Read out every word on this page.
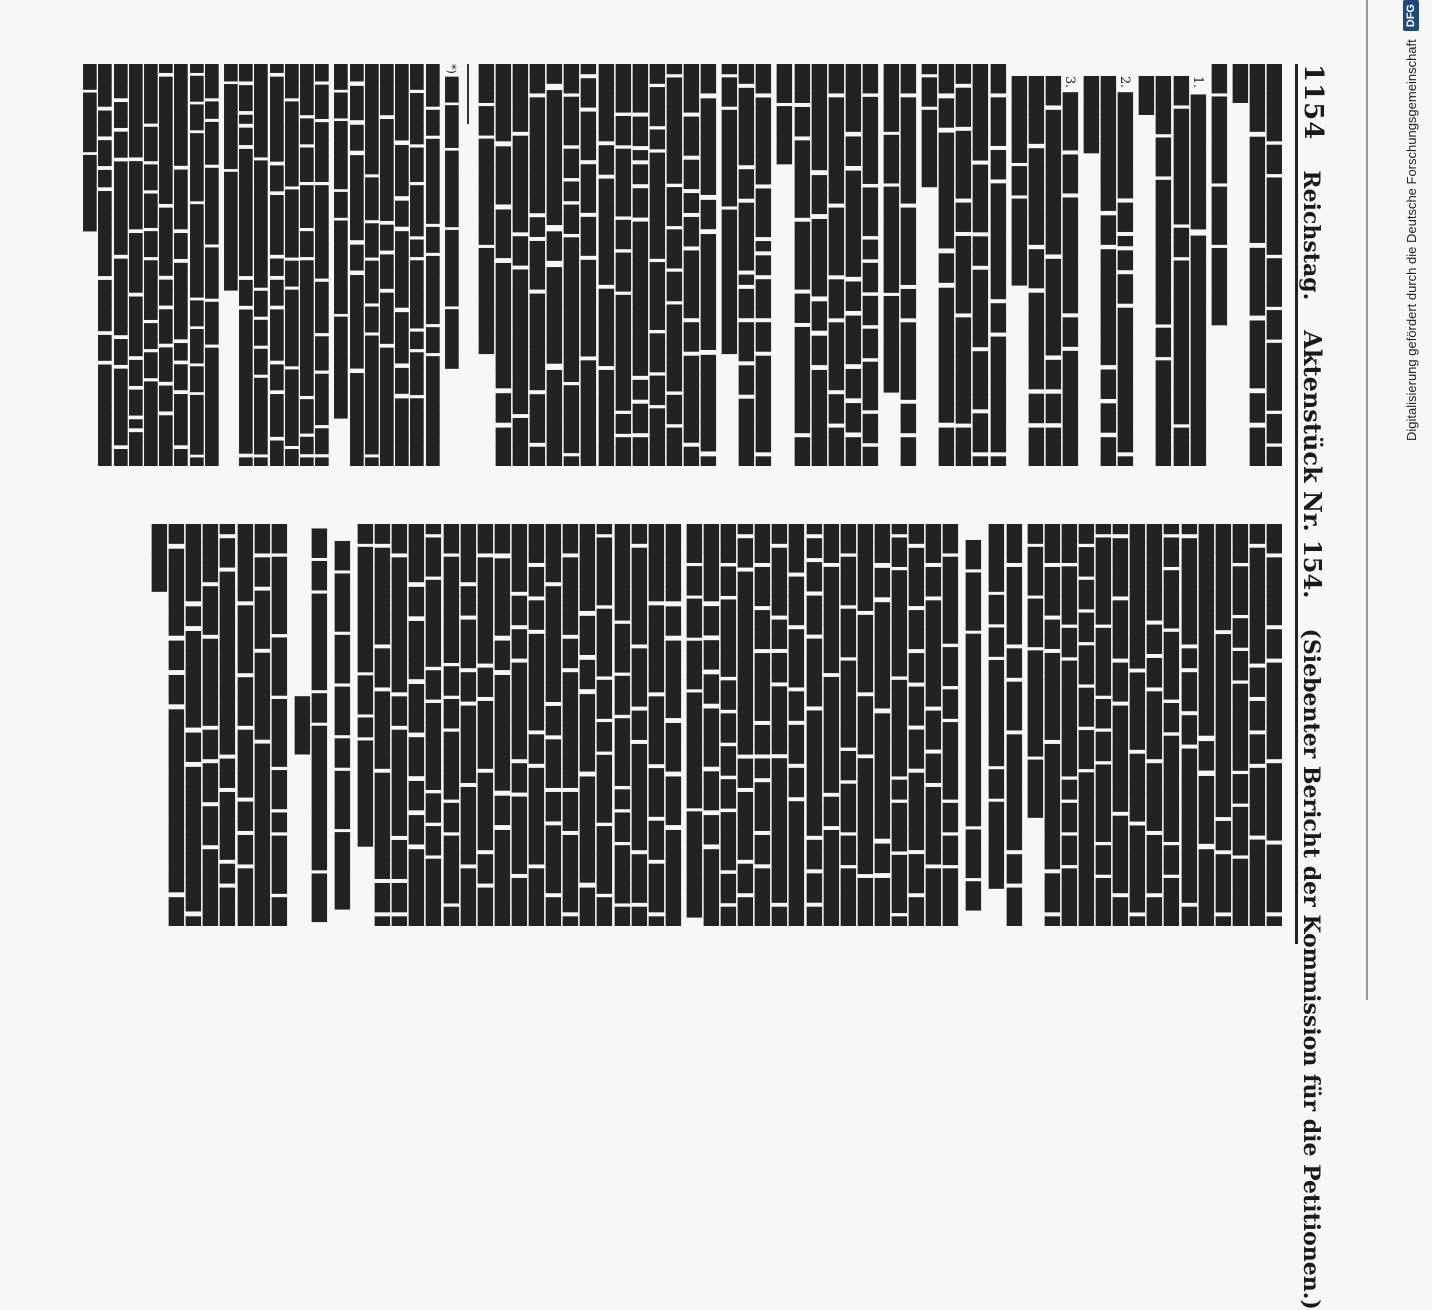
1154
Reichstag.
Aktenstück Nr. 154.
(Siebenter Bericht der Kommission für die Petitionen.)

████████ ███ ████████ █████ ███ ███████ ███ █████████ ███████████ ███████ ███████ ███ ████████

███ █████████ ██████ ████████

1. ██████████████ ███████████████████████████ ████████████ ███ █████████████████ ██████████ ████ ███████████████ ███ ███████████████

2. ███████████ ███ █ ██ ███ ███████████████ ███████████████ ███ ████████████ ███ ███ ███████████

3. ██████ ████ ████████████ ███ ████████████ ███ ███████████████ ██████████ ███ ███ ███████████ ██████████ ████ ██████████ ███ █████████████ ███ █████████

███ █████ ███ ████████████ ███ ████████████ ███████████ ███████ ███ ████████ ██████ ████ ███ ████ ███████ ███ ████████ ███████████ ███████ ███ ████████████ ███ ██████████████ █████ ███ ████████

███ ███████████ ████████ ███ ████████ ███ ██████████ █████ ███████████ ██████████

███ █████████ █████ ██ ███ ███ ███ █████ ███ █████████ ███ ███████████ ███ █████ ███ ███ ███ ███ ███████████ ███████ ████ ███████ ███ ███████████████ ████ ████████ ███ ███ ██████████████ ███ ████████ ███████ ███ ███████████ ███████ ██████

███ █████████ █████ █ ██ ████ ███ ██████████ ███ ████████ ███ ███████ █ ███ ████ ███ ████████ ███ ██████████ ███████████████

███ ██████████ ███ ████████████ ██████████ ██████ ████ ███ ██ ███ ███████ ███ █████████ ███ ███████████ ████ ████ ███ █████████ ███ ██████ ████ ██ ███████████ ███████ ████ ███ ███████████ ███ █ ██ ███ ████████████████ ██ ███ ████████ ███ ███████ ███ ████ ████████████ ██ ███ ████████ ███ ███████████ ████████ ███████████ ███ █████ █████ ████ ██████████ ██████████████ █████ ███ ██ ███ ███████████████ ███████ ███ ██████████████ ███ ██████████ ██████████ ███ ████████████ ██ █████ ██████████ █████ █████████ ██████████ ███ ███████████████ █████ ████████ ██████ █████ █████████████ ███ ████████ ███ ███████████ ███████████

*) ███ █████ █████████ █████████ ███████

█████ ███ ██████████ ███ ████████ ███ █████████████ ███ ██████ ████ ██████ ██ ████████ ██ █████ █████████████████ ██████ ███ █████████ ██████ ███ ████████ ██████ ████████████ ███ ████ ██████ ███████████████████████████ █████ ████ █████ ███ ██████████████ ███ ████ ███ ██████████ ███ ███████████ ███████████ ███ ███ ████████ ███ ███████████ ████████████

██ ████ ███████ ███████████ ██████ ████ ██████ ███ ███████ ███ ████ █████ ███ ████████████████ ████ ██ █████ ██████████ ████████ ███ █████████ █████████ ███ ██████████ ███ ███████ ██ ███ ██████ ███ █████ ███ ███████████ ███████████████ ███ ███ ███ █████████ ███ ███ █ ██ ███████████████ ███ █████████████████ ███ ██████████ ██████████████

████ ██ █████ █████████ ██████ █████ ███████████████ ███ ███ ████████ ███████████ ███ ████ ███ ███████ █████████████ ███████ ███ █████████ ██ ███ ██████ ███ ███████████████ ████████ ███ ████ ████ ███ ██████ ███████ ████ ███ ████ ███ ███████ ███ ███ ██████████ ███████████ ████████ ███████ ███████ ███ ███ █ ████ ████ ███ ███ ███████████ █████████ ███ █████████ ███████ ███ ███ ██ ██████████ ██████ ███ ███████████████ ███████ █████████

███ ███████ ███ ██████████ ████████ ███████ ███ ████████████ ███ ███ ███ ███████ █████████████ █████ ███ ███ █████████ ███ █████ ███████ ███████████ ███████████████████ ███ ██████ ███████████████████████ ███ ███████ █████████ ███████████ ██ ████ ███ ████████████████ ███ ███ ██████ ███████ ███ ███████████ ███ ███████████████ ███ ███ ███████ ███████ ██████ ███ ███████████████ ████████ ███████ █████████ ██ ██████ ██████ ████ ███████████ ████████ ████ █████████ ███████ ███ ███ ████████ ███ ███████ ███ ███ ███ ████ ████ ████ ████████████████████ ██████ ███ ████████████ ██ ███ ███ ██████████ █████ ███ █████████ █████████████ ████ ███ █████ █████ ███████████ ██████

████ ████████ ███ █████ ████████████ ███ ███████████ ███ ███ ███████████ ███ █████████

███ ██████ ████████████████████ █████ ███

███ █████████ ████ ███ ████████ ███ ███ ██████████ ███ ███████████ ████ ███ ████████ ████████ ██████ ████ ███ ████ ████ ████████ ████ ████ ███ ███████████ ██████████ ██ █████ ██████ █████ ███ ███████████ █████████████ ███ ██████████████ ████████ ██████ ████████████ ████████ █████ █████ █████████ ███ █████ ███ ██████████ ███████████ ████████████ ███ ███████████ ██ ███ ████ ███████ █████████████ ███ ███ ███████ █████ ██████ ███ ████ ███ ███████████████ ███████ ███ ███ ███████ ███████████████ ██████ ████ ████ ███████ ███ ██ █████ ███ ███████ ███ ███████████████████ ███ ███████ ███ ███████ ███ ████████ ███ ███ ███ ███ ██████ ███ ██████████ ███ ███ ███ ██████ ████ ███ ████████ ████ ███ ████ █████ ████████████ ███████████

████████ ███ ████████ █████ █████ ██████████████████ █████████ ███████ █████ ████ █████ ███ ██████████ ██████ ███ ███████████ █████ ████████████ █████ ████ ███████ ██ ███ ██████ ███ ███████ ███████ ████ ███ ███████ ███████ ███ █████████ ████ ███ ████████ ███████████ ████ ███ ████████ ███ ████████████ ████ ████████ ███████ ████████████ ███ █████ ███ ███████ ███████ ███ ███ ██████████ ███ ██████████ █████████████ ███ ███ ██████████ ███ ████████ █████ ███ ████████ ███ ████████████ ███ █████████████ ███████████ ███ ███████ ████████ ███ ████ ██████ ███ █████ ███ ████████ ████████ ██████ ███ ███████████ ███ ███ ███████ ███ ███████ ███ ████ █████████ ███ █████████ ███ ███ █████████████ ███ ██████ █████ ████ ███ ███ ████████ ███ ██████████████ ███ ███████████ ████ ███ ███ ██████████ ████ ████████ ███████████ ███ ███ █████████████ ████ ██ ███████████

███ ██████ █████ █████ ███ ██████ ████████

███ ███ ██████████ ███ ███████████████ ███████████

███ ████████ ██████ ███████ ████ ██ ██████ ██████ ███ ██████ █████████ ███████████████████████████ ███████ █████ ███████ ███ ███ ███████ ███ ███████████████████ ███ ███████ ██ ██████████ █████ █████████ ███ ████ ████ ████████ ████████ ██ ██████████ ███ ███████████████ ███ █████████ ███ ███ ███████████████████ ███ ███████

Digitalisierung gefördert durch die Deutsche Forschungsgemeinschaft
DFG
